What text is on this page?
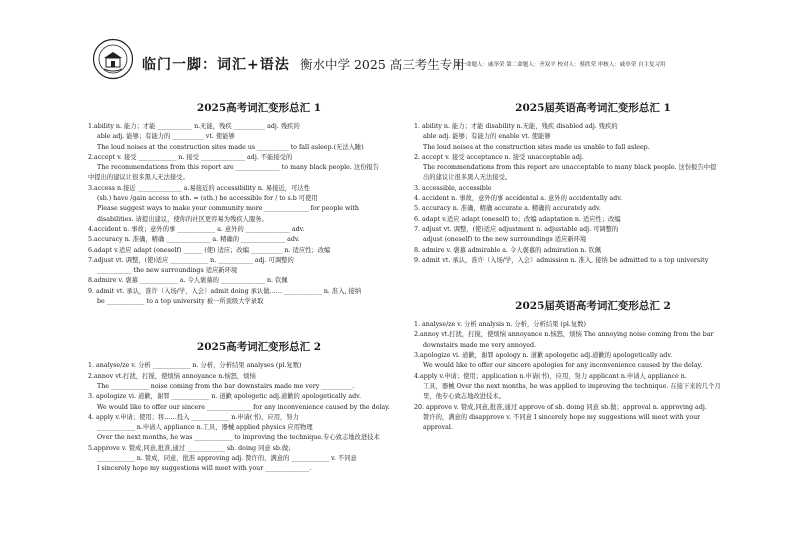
临门一脚：词汇+语法 衡水中学 2025 高三考生专用
第一命题人：戚举荣 第二命题人：齐双平 校对人：蔡欣荣 审核人：戚举荣 自主复习用
2025高考词汇变形总汇 1
1.ability n. 能力；才能 ___________ n.无能，残疾 __________ adj. 残疾的
able adj. 能够；有能力的 __________ vt. 使能够
The loud noises at the construction sites made us __________ to fall asleep.(无法入睡)
2.accept v. 接受 ____________ n. 接受 ______________ adj. 不能接受的
The recommendations from this report are ______________ to many black people. 这份报告
中提出的建议让很多黑人无法接受。
3.access n.接近 ______________ a.易接近的 accessibility n. 易接近，可达性
(sb.) have /gain access to sth. = (sth.) be accessible for / to s.b 可使用
Please suggest ways to make your community more ______________ for people with
disabilities. 请提出建议，使你的社区更容易为残疾人服务。
4.accident n. 事故；意外的事 ____________ a. 意外的 ______________ adv.
5.accuracy n. 准确，精确 ______________ a. 精确的 ______________ adv.
6.adapt v.适应 adapt (oneself) ______ (使) 适应；改编 __________ n. 适应性；改编
7.adjust vt. 调整，(使)适应 ____________ n. ___________ adj. 可调整的
___________ the new surroundings 适应新环境
8.admire v. 褒慕 ____________ a. 令人褒慕的 ______________ n. 钦佩
9. admit vt. 承认，准许（入场/学，入会）admit doing 承认做…… ____________ n. 准入, 接纳
be ____________ to a top university 被一所顶级大学录取
2025高考词汇变形总汇 2
1. analyse/ze v. 分析 ____________ n. 分析，分析结果 analyses (pl.复数)
2.annov vt.打扰，打搅，使烦恼 annoyance n.恼怒，烦恼
The ____________ noise coming from the bar downstairs made me very __________.
3. apologize vi. 道歉，谢罪 ____________ n. 道歉 apologetic adj.道歉的 apologetically adv.
We would like to offer our sincere ______________ for any inconvenience caused by the delay.
4. apply v.申请；使用；将……投入 ____________ n.申请(书)，应用，努力
____________ n.申请人 appliance n.工具，器械 applied physics 应用物理
Over the next months, he was ____________ to improving the technique.专心致志地改进技术
5.approve v. 赞成,同意,批准,通过 ____________ sb. doing 同意 sb.做；
____________ n. 赞成，同意，批准 approving adj. 赞许的，满意的 ____________ v. 不同意
I sincerely hope my suggestions will meet with your ______________.
2025届英语高考词汇变形总汇 1
1. ability n. 能力；才能 disability n.无能，残疾 disabled adj. 残疾的
able adj. 能够；有能力的 enable vt. 使能够
The loud noises at the construction sites made us unable to fall asleep.
2. accept v. 接受 acceptance n. 接受 unacceptable adj.
The recommendations from this report are unacceptable to many black people. 这份报告中提
出的建议让很多黑人无法接受。
3. accessible, accessible
4. accident n. 事故，意外的事 accidental a. 意外的 accidentally adv.
5. accuracy n. 准确，精确 accurate a. 精确的 accurately adv.
6. adapt v.适应 adapt (oneself) to；改编 adaptation n. 适应性；改编
7. adjust vt. 调整，(使)适应 adjustment n. adjustable adj. 可调整的
adjust (oneself) to the new surroundings 适应新环境
8. admire v. 褒慕 admirable a. 令人褒慕的 admiration n. 钦佩
9. admit vt. 承认，准许（入场/学，入会）admission n. 准入, 接纳 be admitted to a top university
2025届英语高考词汇变形总汇 2
1. analyse/ze v. 分析 analysis n. 分析，分析结果 (pl.复数)
2.annoy vt.打扰，打搅，使烦恼 annoyance n.恼怒，烦恼 The annoying noise coming from the bar
downstairs made me very annoyed.
3.apologize vi. 道歉，谢罪 apology n. 道歉 apologetic adj.道歉的 apologetically adv.
We would like to offer our sincere apologies for any inconvenience caused by the delay.
4.apply v.申请；使用；application n.申请(书)，应用，努力 applicant n.申请人 appliance n.
工具，器械 Over the next months, he was applied to improving the technique. 在接下来的几个月
里，他专心致志地改进技术。
20. approve v. 赞成,同意,批准,通过 approve of sb. doing 同意 sb.做；approval n. approving adj.
赞许的，满意的 disapprove v. 不同意 I sincerely hope my suggestions will meet with your
approval.
